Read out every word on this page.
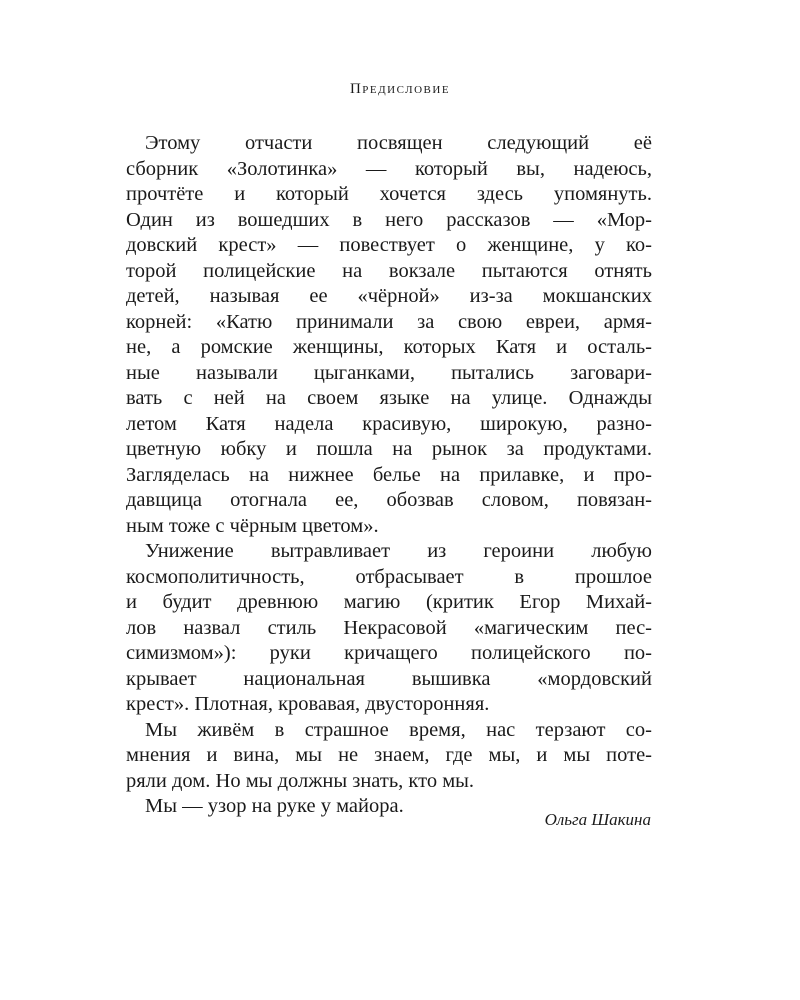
Предисловие
Этому отчасти посвящен следующий её
сборник «Золотинка» — который вы, надеюсь,
прочтёте и который хочется здесь упомянуть.
Один из вошедших в него рассказов — «Мор-
довский крест» — повествует о женщине, у ко-
торой полицейские на вокзале пытаются отнять
детей, называя ее «чёрной» из-за мокшанских
корней: «Катю принимали за свою евреи, армя-
не, а ромские женщины, которых Катя и осталь-
ные называли цыганками, пытались заговари-
вать с ней на своем языке на улице. Однажды
летом Катя надела красивую, широкую, разно-
цветную юбку и пошла на рынок за продуктами.
Загляделась на нижнее белье на прилавке, и про-
давщица отогнала ее, обозвав словом, повязан-
ным тоже с чёрным цветом».
Унижение вытравливает из героини любую
космополитичность, отбрасывает в прошлое
и будит древнюю магию (критик Егор Михай-
лов назвал стиль Некрасовой «магическим пес-
симизмом»): руки кричащего полицейского по-
крывает национальная вышивка «мордовский
крест». Плотная, кровавая, двусторонняя.
Мы живём в страшное время, нас терзают со-
мнения и вина, мы не знаем, где мы, и мы поте-
ряли дом. Но мы должны знать, кто мы.
Мы — узор на руке у майора.
Ольга Шакина
